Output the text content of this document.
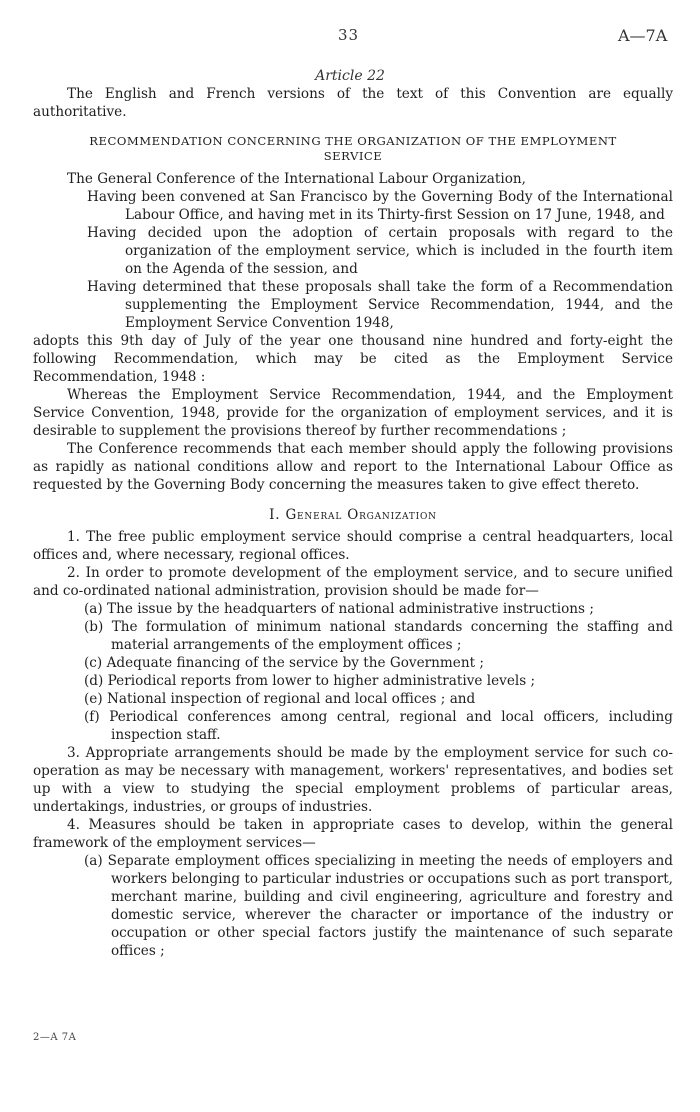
33	A—7A
Article 22

The English and French versions of the text of this Convention are equally authoritative.

RECOMMENDATION CONCERNING THE ORGANIZATION OF THE EMPLOYMENT SERVICE

The General Conference of the International Labour Organization,

Having been convened at San Francisco by the Governing Body of the International Labour Office, and having met in its Thirty-first Session on 17 June, 1948, and

Having decided upon the adoption of certain proposals with regard to the organization of the employment service, which is included in the fourth item on the Agenda of the session, and

Having determined that these proposals shall take the form of a Recommendation supplementing the Employment Service Recommendation, 1944, and the Employment Service Convention 1948,

adopts this 9th day of July of the year one thousand nine hundred and forty-eight the following Recommendation, which may be cited as the Employment Service Recommendation, 1948 :

Whereas the Employment Service Recommendation, 1944, and the Employment Service Convention, 1948, provide for the organization of employment services, and it is desirable to supplement the provisions thereof by further recommendations ;

The Conference recommends that each member should apply the following provisions as rapidly as national conditions allow and report to the International Labour Office as requested by the Governing Body concerning the measures taken to give effect thereto.

I. General Organization

1. The free public employment service should comprise a central headquarters, local offices and, where necessary, regional offices.

2. In order to promote development of the employment service, and to secure unified and co-ordinated national administration, provision should be made for—

(a) The issue by the headquarters of national administrative instructions ;

(b) The formulation of minimum national standards concerning the staffing and material arrangements of the employment offices ;

(c) Adequate financing of the service by the Government ;

(d) Periodical reports from lower to higher administrative levels ;

(e) National inspection of regional and local offices ; and

(f) Periodical conferences among central, regional and local officers, including inspection staff.

3. Appropriate arrangements should be made by the employment service for such co-operation as may be necessary with management, workers' representatives, and bodies set up with a view to studying the special employment problems of particular areas, undertakings, industries, or groups of industries.

4. Measures should be taken in appropriate cases to develop, within the general framework of the employment services—

(a) Separate employment offices specializing in meeting the needs of employers and workers belonging to particular industries or occupations such as port transport, merchant marine, building and civil engineering, agriculture and forestry and domestic service, wherever the character or importance of the industry or occupation or other special factors justify the maintenance of such separate offices ;

2—A 7A
